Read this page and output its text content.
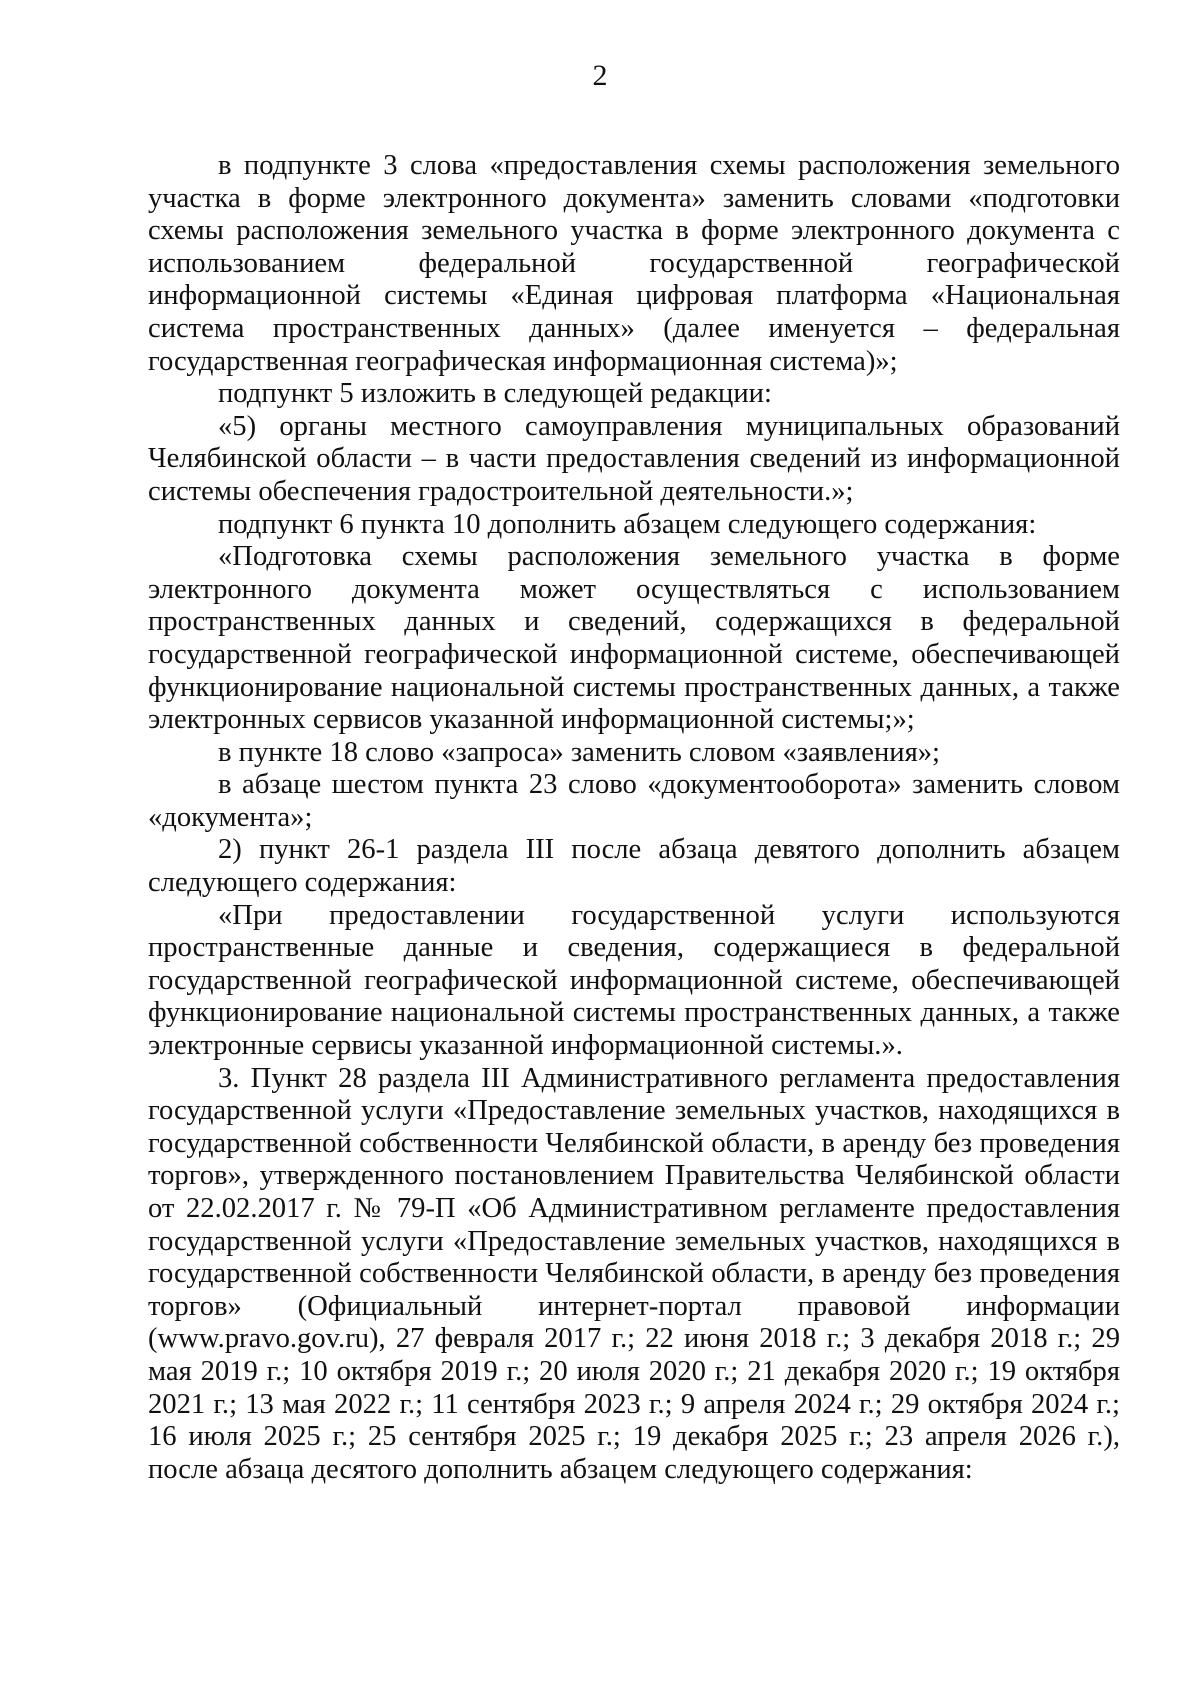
2

в подпункте 3 слова «предоставления схемы расположения земельного участка в форме электронного документа» заменить словами «подготовки схемы расположения земельного участка в форме электронного документа с использованием федеральной государственной географической информационной системы «Единая цифровая платформа «Национальная система пространственных данных» (далее именуется – федеральная государственная географическая информационная система)»;

подпункт 5 изложить в следующей редакции:

«5) органы местного самоуправления муниципальных образований Челябинской области – в части предоставления сведений из информационной системы обеспечения градостроительной деятельности.»;

подпункт 6 пункта 10 дополнить абзацем следующего содержания:

«Подготовка схемы расположения земельного участка в форме электронного документа может осуществляться с использованием пространственных данных и сведений, содержащихся в федеральной государственной географической информационной системе, обеспечивающей функционирование национальной системы пространственных данных, а также электронных сервисов указанной информационной системы;»;

в пункте 18 слово «запроса» заменить словом «заявления»;

в абзаце шестом пункта 23 слово «документооборота» заменить словом «документа»;

2) пункт 26-1 раздела III после абзаца девятого дополнить абзацем следующего содержания:

«При предоставлении государственной услуги используются пространственные данные и сведения, содержащиеся в федеральной государственной географической информационной системе, обеспечивающей функционирование национальной системы пространственных данных, а также электронные сервисы указанной информационной системы.».

3. Пункт 28 раздела III Административного регламента предоставления государственной услуги «Предоставление земельных участков, находящихся в государственной собственности Челябинской области, в аренду без проведения торгов», утвержденного постановлением Правительства Челябинской области от 22.02.2017 г. № 79-П «Об Административном регламенте предоставления государственной услуги «Предоставление земельных участков, находящихся в государственной собственности Челябинской области, в аренду без проведения торгов» (Официальный интернет-портал правовой информации (www.pravo.gov.ru), 27 февраля 2017 г.; 22 июня 2018 г.; 3 декабря 2018 г.; 29 мая 2019 г.; 10 октября 2019 г.; 20 июля 2020 г.; 21 декабря 2020 г.; 19 октября 2021 г.; 13 мая 2022 г.; 11 сентября 2023 г.; 9 апреля 2024 г.; 29 октября 2024 г.; 16 июля 2025 г.; 25 сентября 2025 г.; 19 декабря 2025 г.; 23 апреля 2026 г.), после абзаца десятого дополнить абзацем следующего содержания:
